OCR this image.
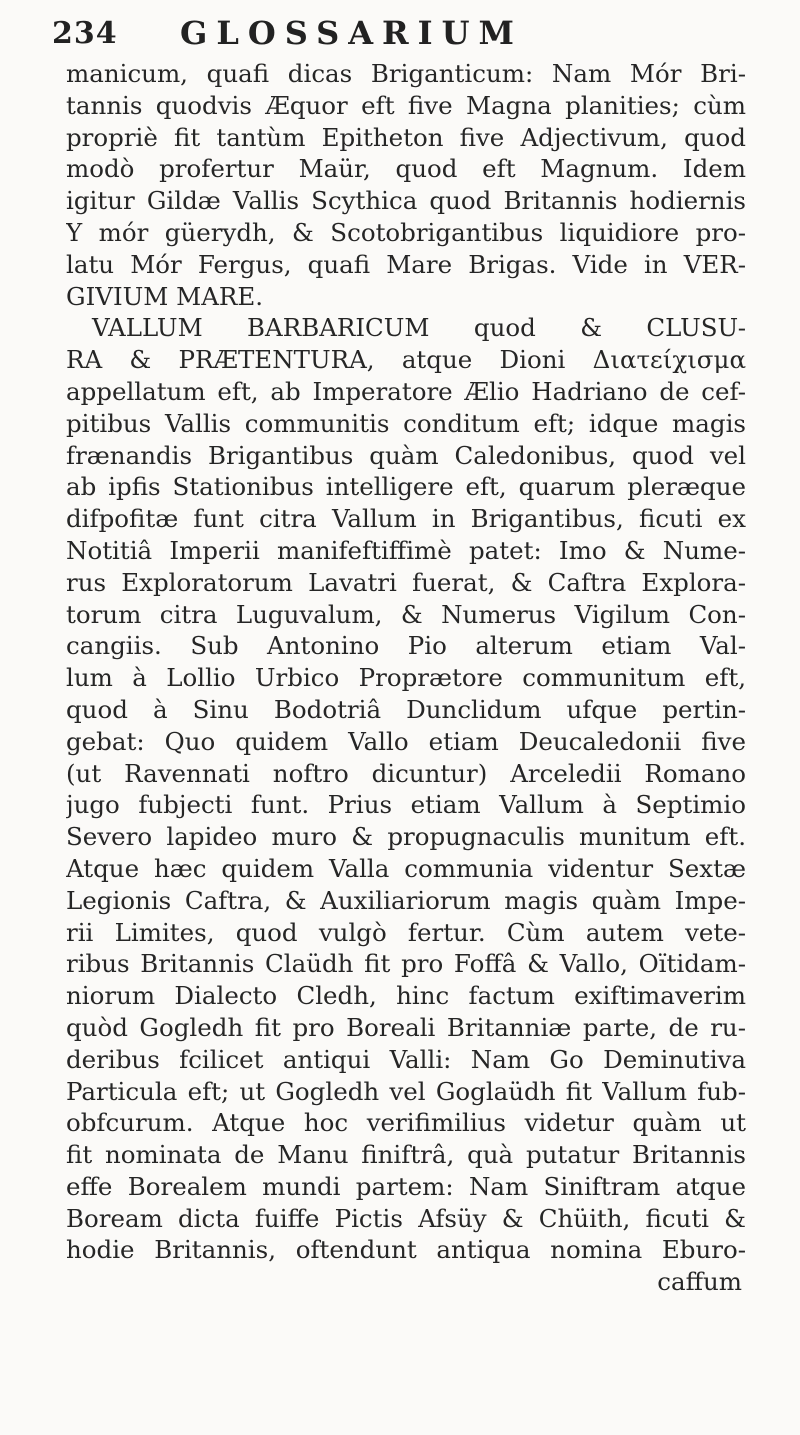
234 GLOSSARIUM
manicum, quafi dicas Briganticum: Nam Mór Bri-
tannis quodvis Æquor eft five Magna planities; cùm
propriè fit tantùm Epitheton five Adjectivum, quod
modò profertur Maür, quod eft Magnum. Idem
igitur Gildæ Vallis Scythica quod Britannis hodiernis
Y mór güerydh, & Scotobrigantibus liquidiore pro-
latu Mór Fergus, quafi Mare Brigas. Vide in VER-
GIVIUM MARE.
VALLUM BARBARICUM quod & CLUSU-
RA & PRÆTENTURA, atque Dioni Διατείχισμα
appellatum eft, ab Imperatore Ælio Hadriano de cef-
pitibus Vallis communitis conditum eft; idque magis
frænandis Brigantibus quàm Caledonibus, quod vel
ab ipfis Stationibus intelligere eft, quarum pleræque
difpofitæ funt citra Vallum in Brigantibus, ficuti ex
Notitiâ Imperii manifeftiffimè patet: Imo & Nume-
rus Exploratorum Lavatri fuerat, & Caftra Explora-
torum citra Luguvalum, & Numerus Vigilum Con-
cangiis. Sub Antonino Pio alterum etiam Val-
lum à Lollio Urbico Proprætore communitum eft,
quod à Sinu Bodotriâ Dunclidum ufque pertin-
gebat: Quo quidem Vallo etiam Deucaledonii five
(ut Ravennati noftro dicuntur) Arceledii Romano
jugo fubjecti funt. Prius etiam Vallum à Septimio
Severo lapideo muro & propugnaculis munitum eft.
Atque hæc quidem Valla communia videntur Sextæ
Legionis Caftra, & Auxiliariorum magis quàm Impe-
rii Limites, quod vulgò fertur. Cùm autem vete-
ribus Britannis Claüdh fit pro Foffâ & Vallo, Oïtidam-
niorum Dialecto Cledh, hinc factum exiftimaverim
quòd Gogledh fit pro Boreali Britanniæ parte, de ru-
deribus fcilicet antiqui Valli: Nam Go Deminutiva
Particula eft; ut Gogledh vel Goglaüdh fit Vallum fub-
obfcurum. Atque hoc verifimilius videtur quàm ut
fit nominata de Manu finiftrâ, quà putatur Britannis
effe Borealem mundi partem: Nam Siniftram atque
Boream dicta fuiffe Pictis Afsüy & Chüith, ficuti &
hodie Britannis, oftendunt antiqua nomina Eburo-
caffum
